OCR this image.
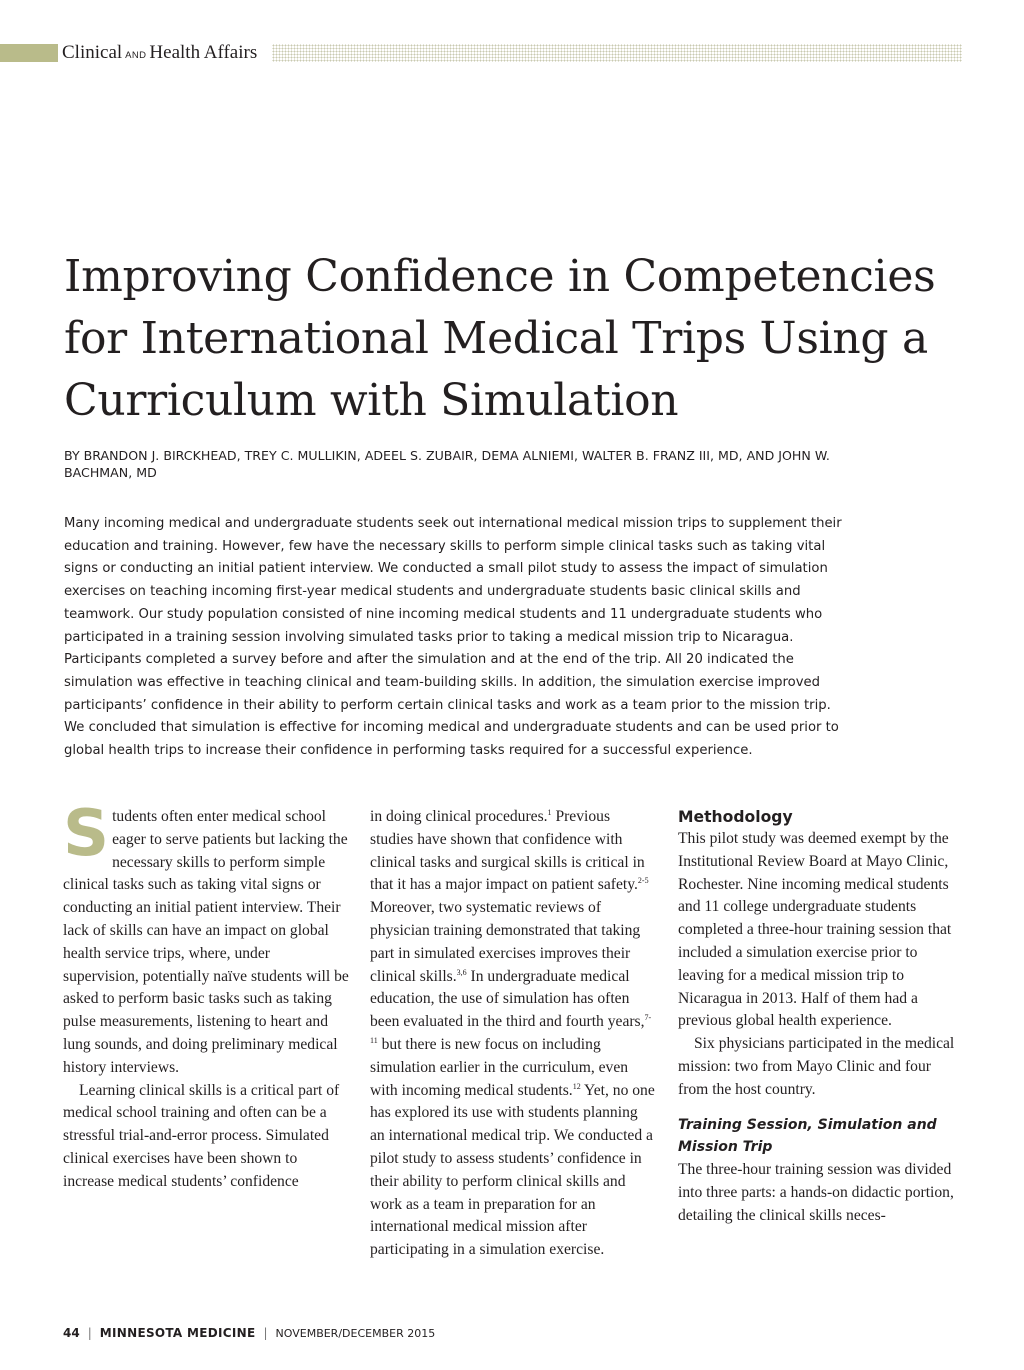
Clinical AND Health Affairs
Improving Confidence in Competencies for International Medical Trips Using a Curriculum with Simulation

BY BRANDON J. BIRCKHEAD, TREY C. MULLIKIN, ADEEL S. ZUBAIR, DEMA ALNIEMI, WALTER B. FRANZ III, MD, AND JOHN W. BACHMAN, MD

Many incoming medical and undergraduate students seek out international medical mission trips to supplement their education and training. However, few have the necessary skills to perform simple clinical tasks such as taking vital signs or conducting an initial patient interview. We conducted a small pilot study to assess the impact of simulation exercises on teaching incoming first-year medical students and undergraduate students basic clinical skills and teamwork. Our study population consisted of nine incoming medical students and 11 undergraduate students who participated in a training session involving simulated tasks prior to taking a medical mission trip to Nicaragua. Participants completed a survey before and after the simulation and at the end of the trip. All 20 indicated the simulation was effective in teaching clinical and team-building skills. In addition, the simulation exercise improved participants’ confidence in their ability to perform certain clinical tasks and work as a team prior to the mission trip. We concluded that simulation is effective for incoming medical and undergraduate students and can be used prior to global health trips to increase their confidence in performing tasks required for a successful experience.

Students often enter medical school eager to serve patients but lacking the necessary skills to perform simple clinical tasks such as taking vital signs or conducting an initial patient interview. Their lack of skills can have an impact on global health service trips, where, under supervision, potentially naïve students will be asked to perform basic tasks such as taking pulse measurements, listening to heart and lung sounds, and doing preliminary medical history interviews.

Learning clinical skills is a critical part of medical school training and often can be a stressful trial-and-error process. Simulated clinical exercises have been shown to increase medical students’ confidence

in doing clinical procedures.$^1$ Previous studies have shown that confidence with clinical tasks and surgical skills is critical in that it has a major impact on patient safety.$^{2-5}$ Moreover, two systematic reviews of physician training demonstrated that taking part in simulated exercises improves their clinical skills.$^{3,6}$ In undergraduate medical education, the use of simulation has often been evaluated in the third and fourth years,$^{7-11}$ but there is new focus on including simulation earlier in the curriculum, even with incoming medical students.$^{12}$ Yet, no one has explored its use with students planning an international medical trip. We conducted a pilot study to assess students’ confidence in their ability to perform clinical skills and work as a team in preparation for an international medical mission after participating in a simulation exercise.

Methodology

This pilot study was deemed exempt by the Institutional Review Board at Mayo Clinic, Rochester. Nine incoming medical students and 11 college undergraduate students completed a three-hour training session that included a simulation exercise prior to leaving for a medical mission trip to Nicaragua in 2013. Half of them had a previous global health experience.

Six physicians participated in the medical mission: two from Mayo Clinic and four from the host country.

Training Session, Simulation and Mission Trip

The three-hour training session was divided into three parts: a hands-on didactic portion, detailing the clinical skills neces-

44 | MINNESOTA MEDICINE | NOVEMBER/DECEMBER 2015
